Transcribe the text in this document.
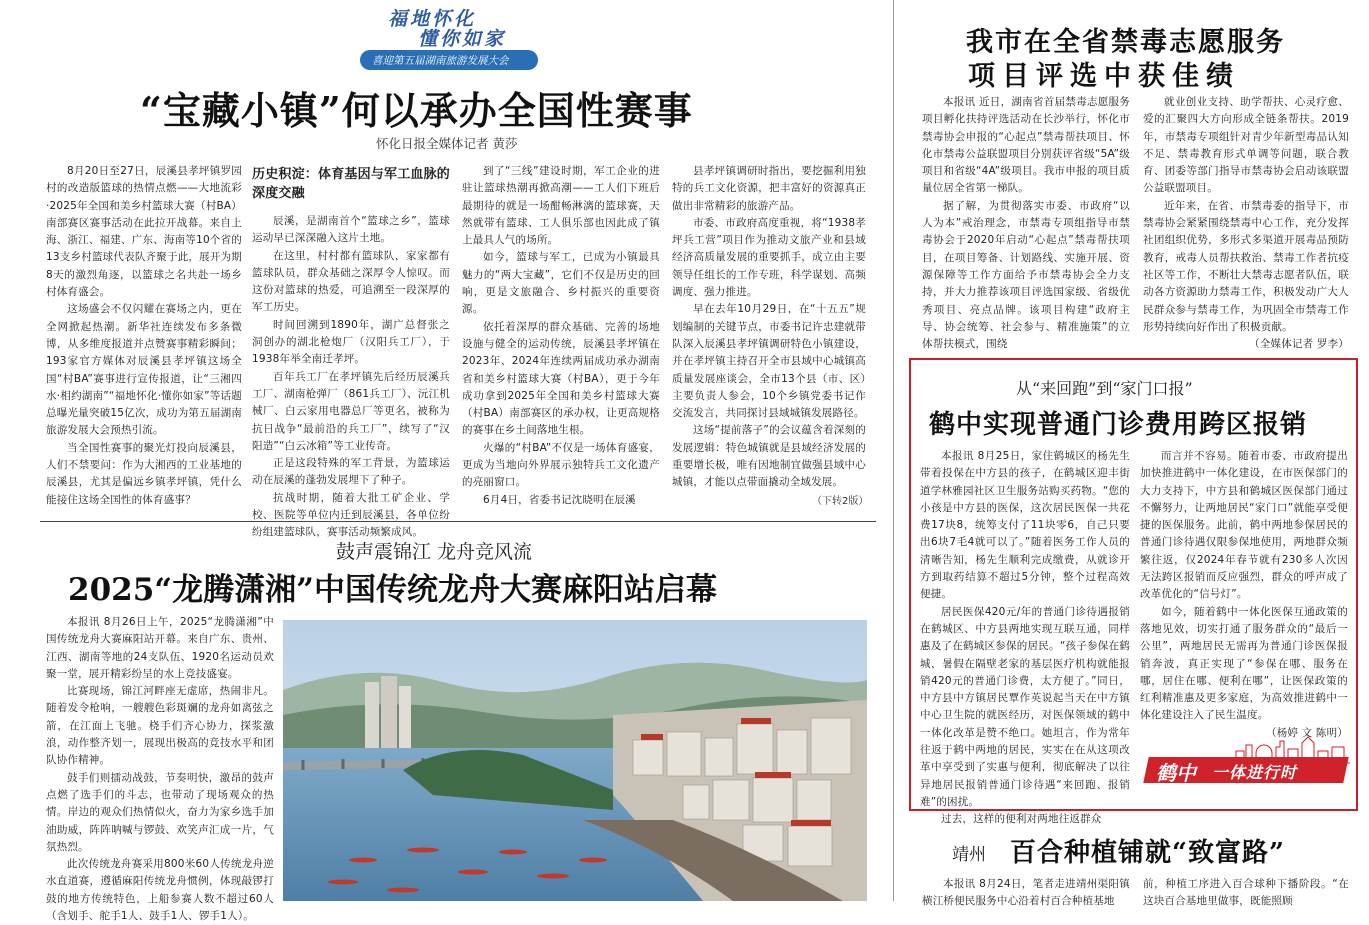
福地怀化
懂你如家
喜迎第五届湖南旅游发展大会
“宝藏小镇”何以承办全国性赛事
怀化日报全媒体记者 黄莎

8月20日至27日，辰溪县孝坪镇罗园村的改造版篮球的热情点燃——大地流彩·2025年全国和美乡村篮球大赛（村BA）南部赛区赛事活动在此拉开战幕。来自上海、浙江、福建、广东、海南等10个省的13支乡村篮球代表队齐聚于此，展开为期8天的激烈角逐，以篮球之名共赴一场乡村体育盛会。

这场盛会不仅闪耀在赛场之内，更在全网掀起热潮。新华社连续发布多条微博，从多维度报道并点赞赛事精彩瞬间；193家官方媒体对辰溪县孝坪镇这场全国“村BA”赛事进行宣传报道，让“三湘四水·相约湖南”“福地怀化·懂你如家”等话题总曝光量突破15亿次，成功为第五届湖南旅游发展大会预热引流。

当全国性赛事的聚光灯投向辰溪县，人们不禁要问：作为大湘西的工业基地的辰溪县，尤其是偏远乡镇孝坪镇，凭什么能接住这场全国性的体育盛事？

历史积淀：体育基因与军工血脉的深度交融

辰溪，是湖南首个“篮球之乡”，篮球运动早已深深融入这片土地。

在这里，村村都有篮球队，家家都有篮球队员，群众基础之深厚令人惊叹。而这份对篮球的热爱，可追溯至一段深厚的军工历史。

时间回溯到1890年，湖广总督张之洞创办的湖北枪炮厂（汉阳兵工厂），于1938年举全南迁孝坪。

百年兵工厂在孝坪镇先后经历辰溪兵工厂、湖南枪弹厂（861兵工厂）、沅江机械厂、白云家用电器总厂等更名，被称为抗日战争“最前沿的兵工厂”，续写了“汉阳造”“白云冰箱”等工业传奇。

正是这段特殊的军工背景，为篮球运动在辰溪的蓬勃发展埋下了种子。

抗战时期，随着大批工矿企业、学校、医院等单位内迁到辰溪县，各单位纷纷组建篮球队，赛事活动频繁成风。

到了“三线”建设时期，军工企业的进驻让篮球热潮再掀高潮——工人们下班后最期待的就是一场酣畅淋漓的篮球赛，天然就带有篮球、工人俱乐部也因此成了镇上最具人气的场所。

如今，篮球与军工，已成为小镇最具魅力的“两大宝藏”，它们不仅是历史的回响，更是文旅融合、乡村振兴的重要资源。

依托着深厚的群众基础、完善的场地设施与健全的运动传统，辰溪县孝坪镇在2023年、2024年连续两届成功承办湖南省和美乡村篮球大赛（村BA），更于今年成功拿到2025年全国和美乡村篮球大赛（村BA）南部赛区的承办权，让更高规格的赛事在乡土间落地生根。

火爆的“村BA”不仅是一场体育盛宴，更成为当地向外界展示独特兵工文化遗产的亮丽窗口。

6月4日，省委书记沈晓明在辰溪

县孝坪镇调研时指出，要挖掘利用独特的兵工文化资源，把丰富好的资源真正做出非常精彩的旅游产品。

市委、市政府高度重视，将“1938孝坪兵工营”项目作为推动文旅产业和县域经济高质量发展的重要抓手，成立由主要领导任组长的工作专班，科学谋划、高频调度、强力推进。

早在去年10月29日，在“十五五”规划编制的关键节点，市委书记许忠建就带队深入辰溪县孝坪镇调研特色小镇建设，并在孝坪镇主持召开全市县域中心城镇高质量发展座谈会，全市13个县（市、区）主要负责人参会，10个乡镇党委书记作交流发言，共同探讨县域城镇发展路径。

这场“提前落子”的会议蕴含着深刻的发展逻辑：特色城镇就是县域经济发展的重要增长极，唯有因地制宜做强县域中心城镇，才能以点带面撬动全域发展。

（下转2版）
鼓声震锦江 龙舟竞风流
2025“龙腾潇湘”中国传统龙舟大赛麻阳站启幕

本报讯 8月26日上午，2025“龙腾潇湘”中国传统龙舟大赛麻阳站开幕。来自广东、贵州、江西、湖南等地的24支队伍、1920名运动员欢聚一堂，展开精彩纷呈的水上竞技盛宴。

比赛现场，锦江河畔座无虚席，热闹非凡。随着发令枪响，一艘艘色彩斑斓的龙舟如离弦之箭，在江面上飞驰。桡手们齐心协力，探浆激浪，动作整齐划一，展现出极高的竞技水平和团队协作精神。

鼓手们则擂动战鼓，节奏明快，激昂的鼓声点燃了选手们的斗志，也带动了现场观众的热情。岸边的观众们热情似火，奋力为家乡选手加油助威，阵阵呐喊与锣鼓、欢笑声汇成一片，气氛热烈。

此次传统龙舟赛采用800米60人传统龙舟逆水直道赛，遵循麻阳传统龙舟惯例，体现敲锣打鼓的地方传统特色，上船参赛人数不超过60人（含划手、舵手1人、鼓手1人、锣手1人）。

我市在全省禁毒志愿服务
项目评选中获佳绩

本报讯 近日，湖南省首届禁毒志愿服务项目孵化扶持评选活动在长沙举行，怀化市禁毒协会申报的“心起点”禁毒帮扶项目、怀化市禁毒公益联盟项目分别获评省级“5A”级项目和省级“4A”级项目。我市申报的项目质量位居全省第一梯队。

据了解，为贯彻落实市委、市政府“以人为本”戒治理念，市禁毒专项组指导市禁毒协会于2020年启动“心起点”禁毒帮扶项目，在项目筹备、计划路线、实施开展、资源保障等工作方面给予市禁毒协会全力支持，并大力推荐该项目评选国家级、省级优秀项目、亮点品牌。该项目构建“政府主导、协会统筹、社会参与、精准施策”的立体帮扶模式，围绕

就业创业支持、助学帮扶、心灵疗愈、爱的汇聚四大方向形成全链条帮扶。2019年，市禁毒专项组针对青少年新型毒品认知不足、禁毒教育形式单调等问题，联合教育、团委等部门指导市禁毒协会启动该联盟公益联盟项目。

近年来，在省、市禁毒委的指导下，市禁毒协会紧紧围绕禁毒中心工作，充分发挥社团组织优势，多形式多渠道开展毒品预防教育，戒毒人员帮扶救治、禁毒工作者抗疫社区等工作，不断壮大禁毒志愿者队伍，联动各方资源助力禁毒工作，积极发动广大人民群众参与禁毒工作，为巩固全市禁毒工作形势持续向好作出了积极贡献。

（全媒体记者 罗李）

从“来回跑”到“家门口报”
鹤中实现普通门诊费用跨区报销

本报讯 8月25日，家住鹤城区的杨先生带着投保在中方县的孩子，在鹤城区迎丰街道学林雅园社区卫生服务站购买药物。“您的小孩是中方县的医保，这次居民医保一共花费17块8，统筹支付了11块零6，自己只要出6块7毛4就可以了。”随着医务工作人员的清晰告知，杨先生顺利完成缴费，从就诊开方到取药结算不超过5分钟，整个过程高效便捷。

居民医保420元/年的普通门诊待遇报销在鹤城区、中方县两地实现互联互通，同样惠及了在鹤城区参保的居民。“孩子参保在鹤城，暑假在隔壁老家的基层医疗机构就能报销420元的普通门诊费，太方便了。”同日，中方县中方镇居民覃作英说起当天在中方镇中心卫生院的就医经历，对医保领域的鹤中一体化改革是赞不绝口。她坦言，作为常年往返于鹤中两地的居民，实实在在从这项改革中享受到了实惠与便利，彻底解决了以往异地居民报销普通门诊待遇“来回跑、报销难”的困扰。

过去，这样的便利对两地往返群众

而言并不容易。随着市委、市政府提出加快推进鹤中一体化建设，在市医保部门的大力支持下，中方县和鹤城区医保部门通过不懈努力，让两地居民“家门口”就能享受便捷的医保服务。此前，鹤中两地参保居民的普通门诊待遇仅限参保地使用，两地群众频繁往返，仅2024年春节就有230多人次因无法跨区报销而反应强烈，群众的呼声成了改革优化的“信号灯”。

如今，随着鹤中一体化医保互通政策的落地见效，切实打通了服务群众的“最后一公里”，两地居民无需再为普通门诊医保报销奔波，真正实现了“参保在哪、服务在哪，居住在哪、便利在哪”，让医保政策的红利精准惠及更多家庭，为高效推进鹤中一体化建设注入了民生温度。

（杨婷 文 陈明）

鹤中 一体进行时
靖州 百合种植铺就“致富路”

本报讯 8月24日，笔者走进靖州渠阳镇横江桥便民服务中心沿着村百合种植基地

前，种植工序进入百合球种下播阶段。“在这块百合基地里做事，既能照顾
